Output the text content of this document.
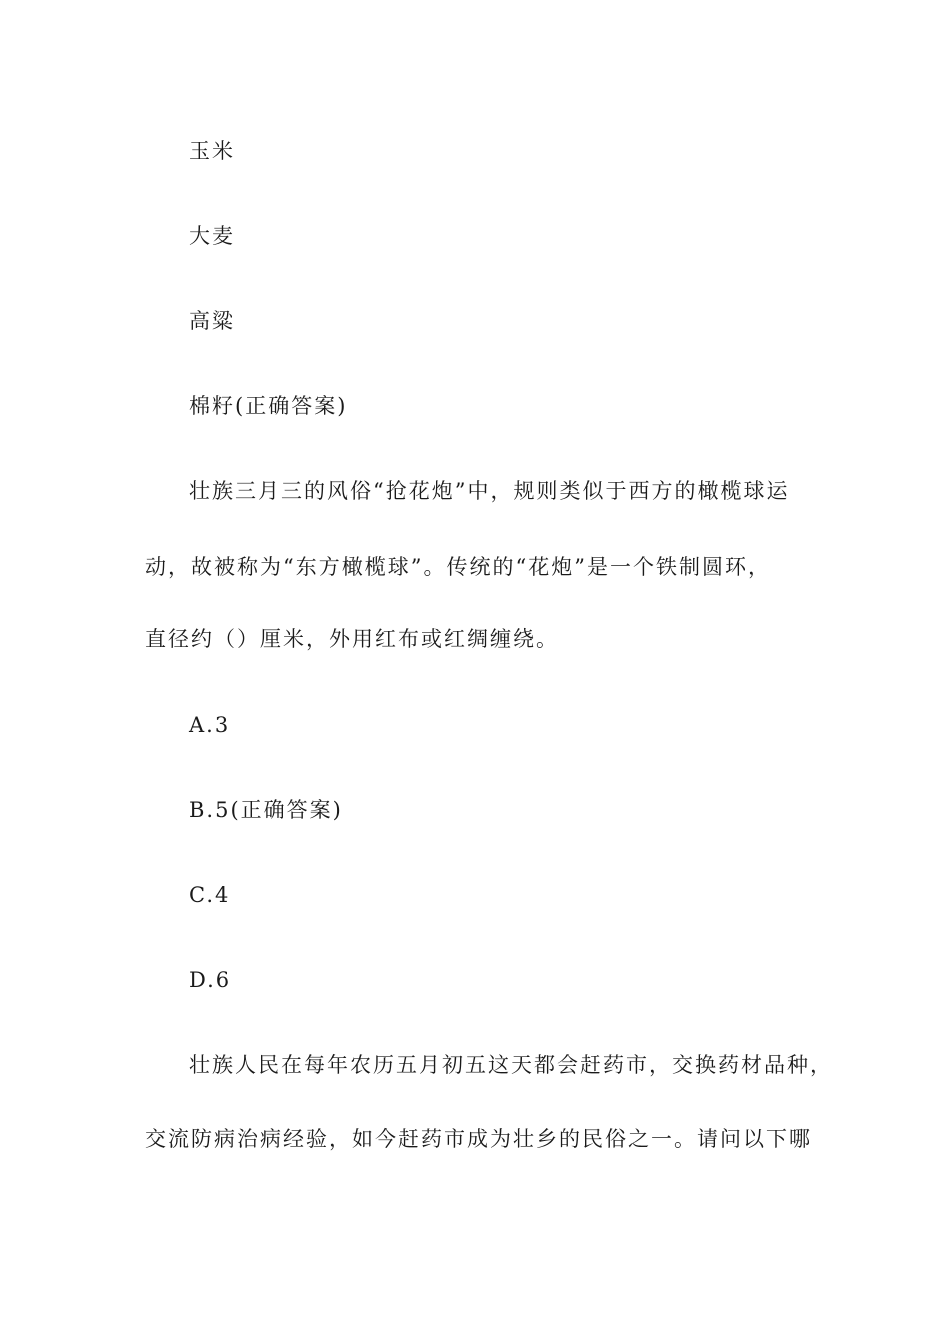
玉米
大麦
高粱
棉籽(正确答案)
壮族三月三的风俗“抢花炮”中，规则类似于西方的橄榄球运
动，故被称为“东方橄榄球”。传统的“花炮”是一个铁制圆环，
直径约（）厘米，外用红布或红绸缠绕。
A.3
B.5(正确答案)
C.4
D.6
壮族人民在每年农历五月初五这天都会赶药市，交换药材品种，
交流防病治病经验，如今赶药市成为壮乡的民俗之一。请问以下哪
